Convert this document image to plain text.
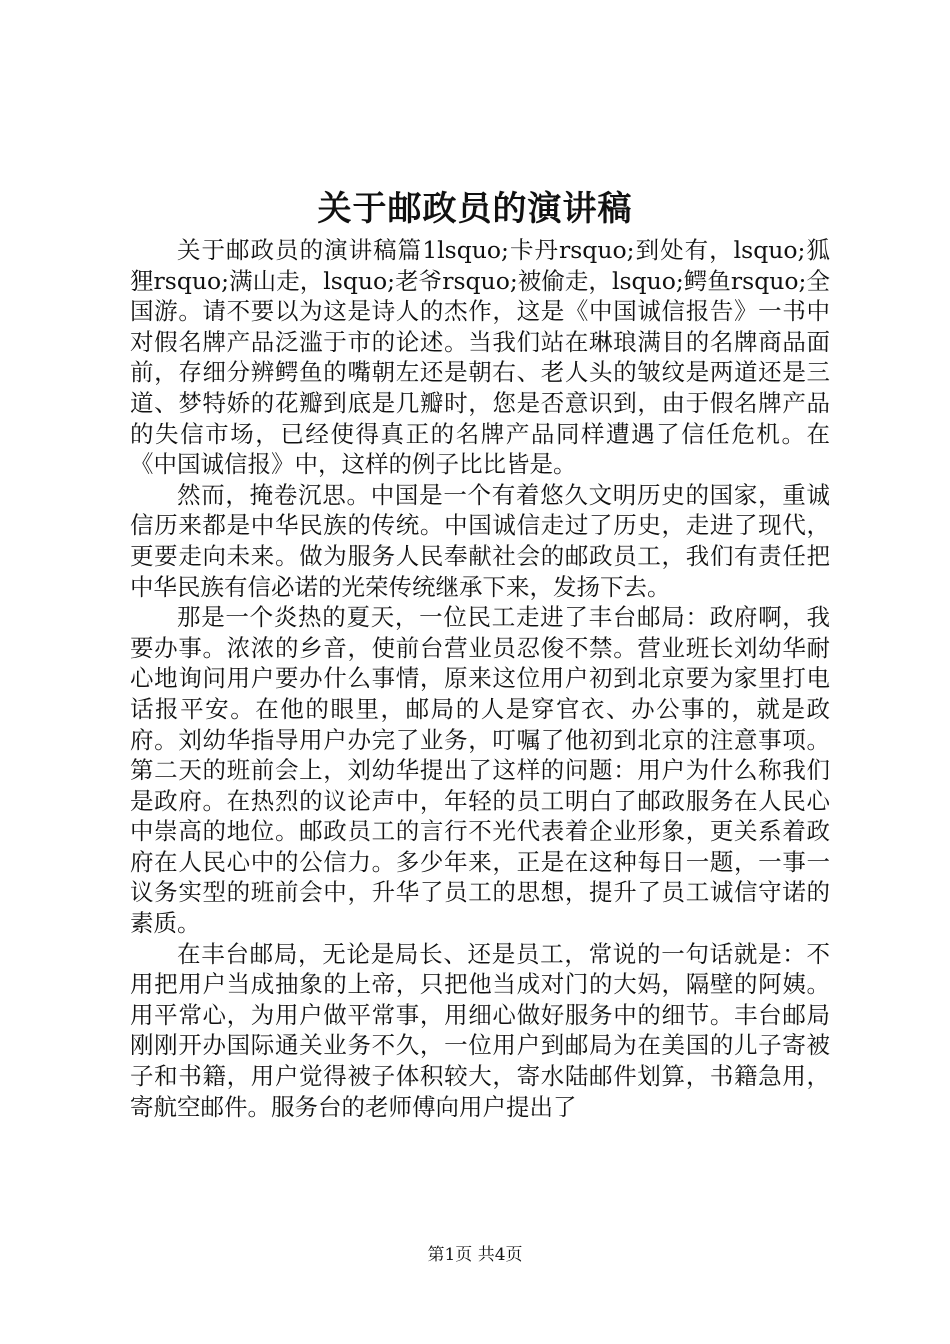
关于邮政员的演讲稿

关于邮政员的演讲稿篇1lsquo;卡丹rsquo;到处有，lsquo;狐狸rsquo;满山走，lsquo;老爷rsquo;被偷走，lsquo;鳄鱼rsquo;全国游。请不要以为这是诗人的杰作，这是《中国诚信报告》一书中对假名牌产品泛滥于市的论述。当我们站在琳琅满目的名牌商品面前，存细分辨鳄鱼的嘴朝左还是朝右、老人头的皱纹是两道还是三道、梦特娇的花瓣到底是几瓣时，您是否意识到，由于假名牌产品的失信市场，已经使得真正的名牌产品同样遭遇了信任危机。在《中国诚信报》中，这样的例子比比皆是。

然而，掩卷沉思。中国是一个有着悠久文明历史的国家，重诚信历来都是中华民族的传统。中国诚信走过了历史，走进了现代，更要走向未来。做为服务人民奉献社会的邮政员工，我们有责任把中华民族有信必诺的光荣传统继承下来，发扬下去。

那是一个炎热的夏天，一位民工走进了丰台邮局：政府啊，我要办事。浓浓的乡音，使前台营业员忍俊不禁。营业班长刘幼华耐心地询问用户要办什么事情，原来这位用户初到北京要为家里打电话报平安。在他的眼里，邮局的人是穿官衣、办公事的，就是政府。刘幼华指导用户办完了业务，叮嘱了他初到北京的注意事项。第二天的班前会上，刘幼华提出了这样的问题：用户为什么称我们是政府。在热烈的议论声中，年轻的员工明白了邮政服务在人民心中崇高的地位。邮政员工的言行不光代表着企业形象，更关系着政府在人民心中的公信力。多少年来，正是在这种每日一题，一事一议务实型的班前会中，升华了员工的思想，提升了员工诚信守诺的素质。

在丰台邮局，无论是局长、还是员工，常说的一句话就是：不用把用户当成抽象的上帝，只把他当成对门的大妈，隔壁的阿姨。用平常心，为用户做平常事，用细心做好服务中的细节。丰台邮局刚刚开办国际通关业务不久，一位用户到邮局为在美国的儿子寄被子和书籍，用户觉得被子体积较大，寄水陆邮件划算，书籍急用，寄航空邮件。服务台的老师傅向用户提出了

第1页 共4页
